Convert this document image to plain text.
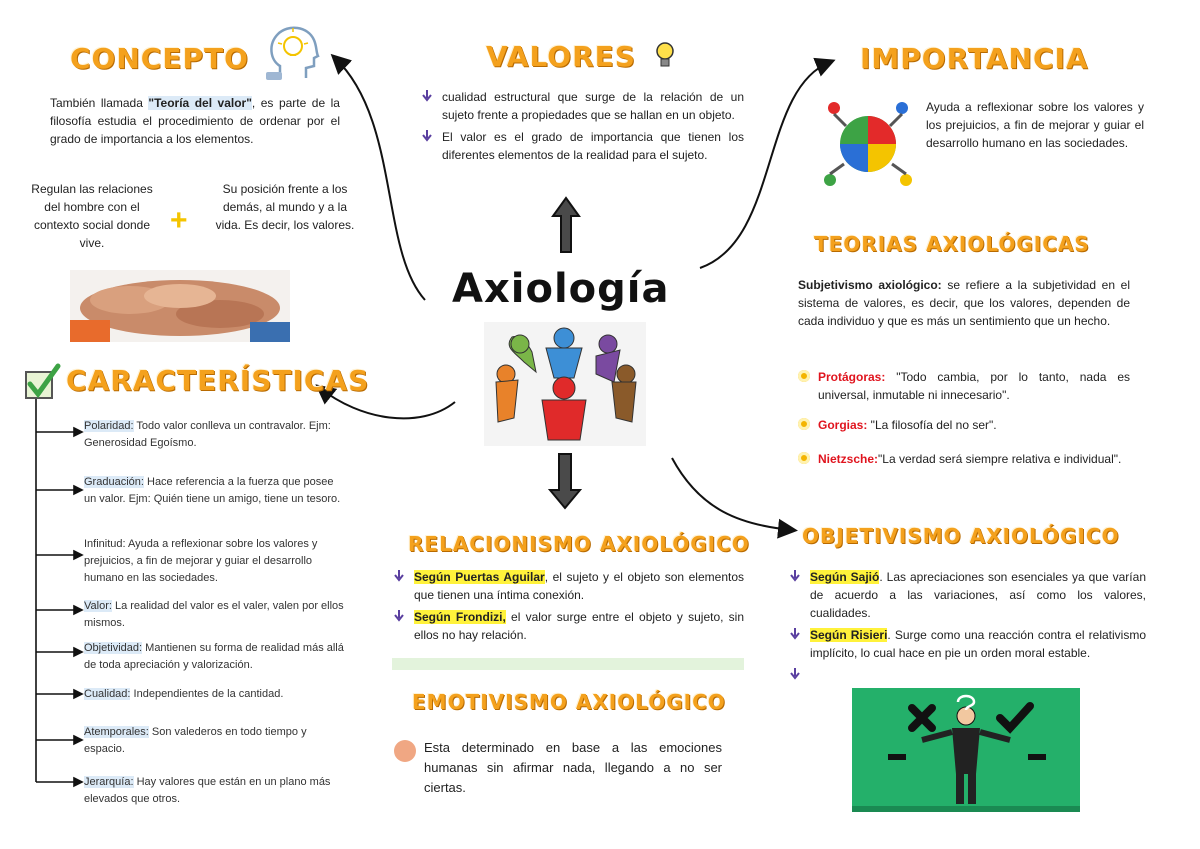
CONCEPTO
También llamada "Teoría del valor", es parte de la filosofía estudia el procedimiento de ordenar por el grado de importancia a los elementos.
Regulan las relaciones del hombre con el contexto social donde vive.
+
Su posición frente a los demás, al mundo y a la vida. Es decir, los valores.
VALORES
cualidad estructural que surge de la relación de un sujeto frente a propiedades que se hallan en un objeto.
El valor es el grado de importancia que tienen los diferentes elementos de la realidad para el sujeto.
Axiología
IMPORTANCIA
Ayuda a reflexionar sobre los valores y los prejuicios, a fin de mejorar y guiar el desarrollo humano en las sociedades.
TEORIAS AXIOLÓGICAS
Subjetivismo axiológico: se refiere a la subjetividad en el sistema de valores, es decir, que los valores, dependen de cada individuo y que es más un sentimiento que un hecho.
Protágoras: "Todo cambia, por lo tanto, nada es universal, inmutable ni innecesario".
Gorgias: "La filosofía del no ser".
Nietzsche:"La verdad será siempre relativa e individual".
CARACTERÍSTICAS
Polaridad: Todo valor conlleva un contravalor. Ejm: Generosidad Egoísmo.
Graduación: Hace referencia a la fuerza que posee un valor. Ejm: Quién tiene un amigo, tiene un tesoro.
Infinitud: Ayuda a reflexionar sobre los valores y prejuicios, a fin de mejorar y guiar el desarrollo humano en las sociedades.
Valor: La realidad del valor es el valer, valen por ellos mismos.
Objetividad: Mantienen su forma de realidad más allá de toda apreciación y valorización.
Cualidad: Independientes de la cantidad.
Atemporales: Son valederos en todo tiempo y espacio.
Jerarquía: Hay valores que están en un plano más elevados que otros.
RELACIONISMO AXIOLÓGICO
Según Puertas Aguilar, el sujeto y el objeto son elementos que tienen una íntima conexión.
Según Frondizi, el valor surge entre el objeto y sujeto, sin ellos no hay relación.
EMOTIVISMO AXIOLÓGICO
Esta determinado en base a las emociones humanas sin afirmar nada, llegando a no ser ciertas.
OBJETIVISMO AXIOLÓGICO
Según Sajió. Las apreciaciones son esenciales ya que varían de acuerdo a las variaciones, así como los valores, cualidades.
Según Risieri. Surge como una reacción contra el relativismo implícito, lo cual hace en pie un orden moral estable.
